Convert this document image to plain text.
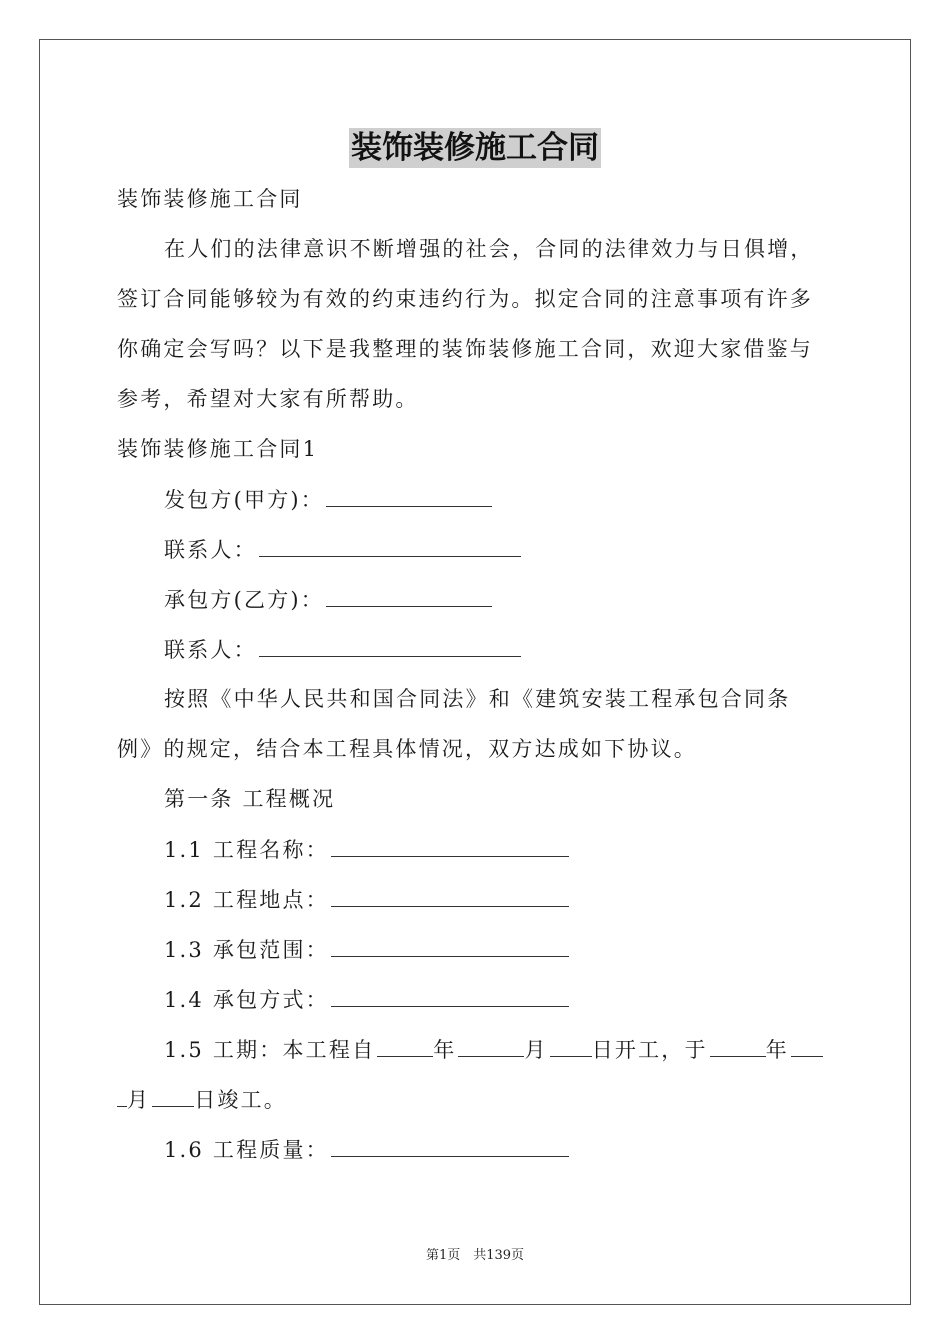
装饰装修施工合同
装饰装修施工合同
在人们的法律意识不断增强的社会，合同的法律效力与日俱增，
签订合同能够较为有效的约束违约行为。拟定合同的注意事项有许多
你确定会写吗？以下是我整理的装饰装修施工合同，欢迎大家借鉴与
参考，希望对大家有所帮助。
装饰装修施工合同1
发包方(甲方)：
联系人：
承包方(乙方)：
联系人：
按照《中华人民共和国合同法》和《建筑安装工程承包合同条
例》的规定，结合本工程具体情况，双方达成如下协议。
第一条 工程概况
1.1 工程名称：
1.2 工程地点：
1.3 承包范围：
1.4 承包方式：
1.5 工期：本工程自	年	月 日开工，于	年
月 日竣工。
1.6 工程质量：
第1页　共139页
